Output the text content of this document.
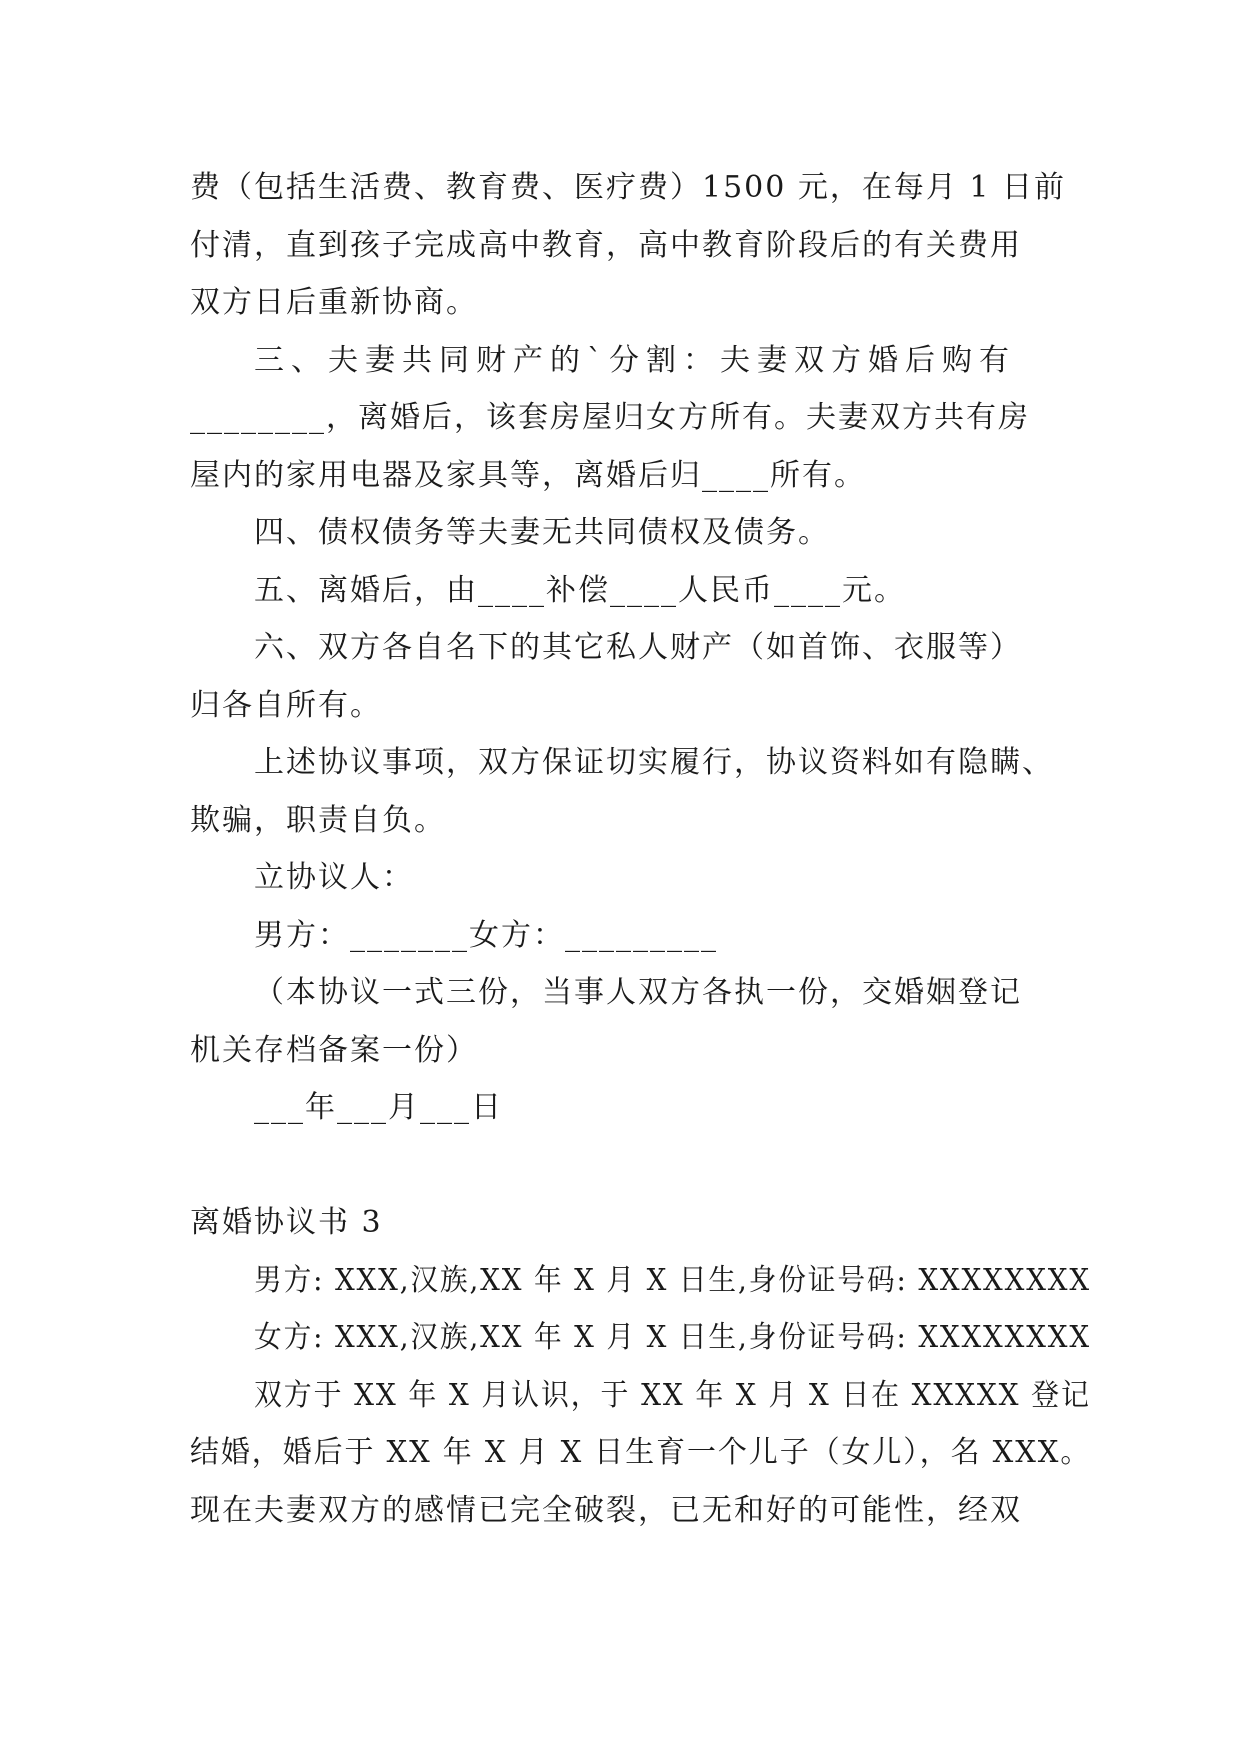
费（包括生活费、教育费、医疗费）1500 元，在每月 1 日前
付清，直到孩子完成高中教育，高中教育阶段后的有关费用
双方日后重新协商。
三、夫妻共同财产的`分割：夫妻双方婚后购有
________，离婚后，该套房屋归女方所有。夫妻双方共有房
屋内的家用电器及家具等，离婚后归____所有。
四、债权债务等夫妻无共同债权及债务。
五、离婚后，由____补偿____人民币____元。
六、双方各自名下的其它私人财产（如首饰、衣服等）
归各自所有。
上述协议事项，双方保证切实履行，协议资料如有隐瞒、
欺骗，职责自负。
立协议人：
男方：_______女方：_________
（本协议一式三份，当事人双方各执一份，交婚姻登记
机关存档备案一份）
___年___月___日
离婚协议书 3
男方: XXX,汉族,XX 年 X 月 X 日生,身份证号码: XXXXXXXX
女方: XXX,汉族,XX 年 X 月 X 日生,身份证号码: XXXXXXXX
双方于 XX 年 X 月认识，于 XX 年 X 月 X 日在 XXXXX 登记
结婚，婚后于 XX 年 X 月 X 日生育一个儿子（女儿），名 XXX。
现在夫妻双方的感情已完全破裂，已无和好的可能性，经双
